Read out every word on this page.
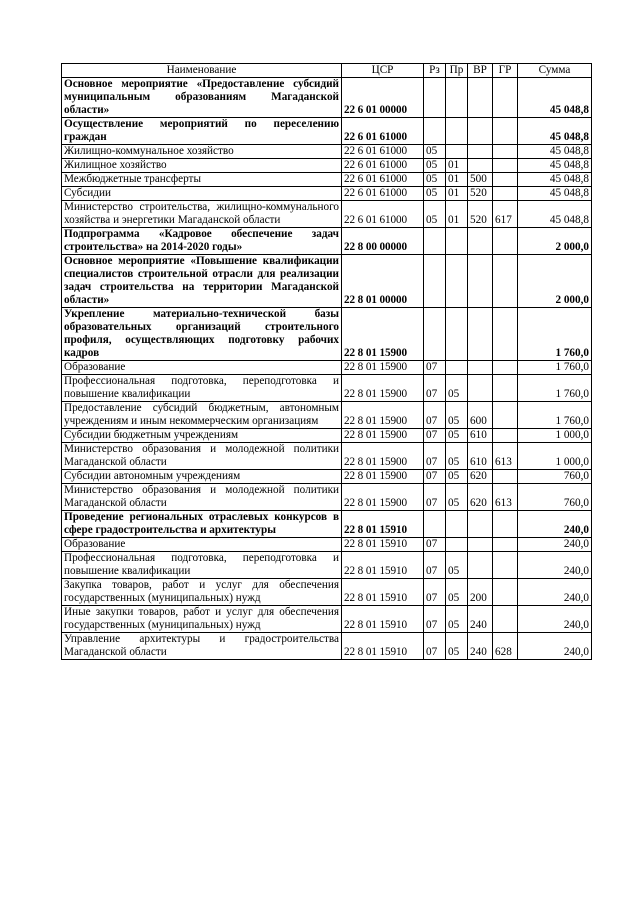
Наименование	ЦСР	Рз	Пр	ВР	ГР	Сумма
Основное мероприятие «Предоставление субсидий муниципальным образованиям Магаданской области»	22 6 01 00000					45 048,8
Осуществление мероприятий по переселению граждан	22 6 01 61000					45 048,8
Жилищно-коммунальное хозяйство	22 6 01 61000	05				45 048,8
Жилищное хозяйство	22 6 01 61000	05	01			45 048,8
Межбюджетные трансферты	22 6 01 61000	05	01	500		45 048,8
Субсидии	22 6 01 61000	05	01	520		45 048,8
Министерство строительства, жилищно-коммунального хозяйства и энергетики Магаданской области	22 6 01 61000	05	01	520	617	45 048,8
Подпрограмма «Кадровое обеспечение задач строительства» на 2014-2020 годы»	22 8 00 00000					2 000,0
Основное мероприятие «Повышение квалификации специалистов строительной отрасли для реализации задач строительства на территории Магаданской области»	22 8 01 00000					2 000,0
Укрепление материально-технической базы образовательных организаций строительного профиля, осуществляющих подготовку рабочих кадров	22 8 01 15900					1 760,0
Образование	22 8 01 15900	07				1 760,0
Профессиональная подготовка, переподготовка и повышение квалификации	22 8 01 15900	07	05			1 760,0
Предоставление субсидий бюджетным, автономным учреждениям и иным некоммерческим организациям	22 8 01 15900	07	05	600		1 760,0
Субсидии бюджетным учреждениям	22 8 01 15900	07	05	610		1 000,0
Министерство образования и молодежной политики Магаданской области	22 8 01 15900	07	05	610	613	1 000,0
Субсидии автономным учреждениям	22 8 01 15900	07	05	620		760,0
Министерство образования и молодежной политики Магаданской области	22 8 01 15900	07	05	620	613	760,0
Проведение региональных отраслевых конкурсов в сфере градостроительства и архитектуры	22 8 01 15910					240,0
Образование	22 8 01 15910	07				240,0
Профессиональная подготовка, переподготовка и повышение квалификации	22 8 01 15910	07	05			240,0
Закупка товаров, работ и услуг для обеспечения государственных (муниципальных) нужд	22 8 01 15910	07	05	200		240,0
Иные закупки товаров, работ и услуг для обеспечения государственных (муниципальных) нужд	22 8 01 15910	07	05	240		240,0
Управление архитектуры и градостроительства Магаданской области	22 8 01 15910	07	05	240	628	240,0
